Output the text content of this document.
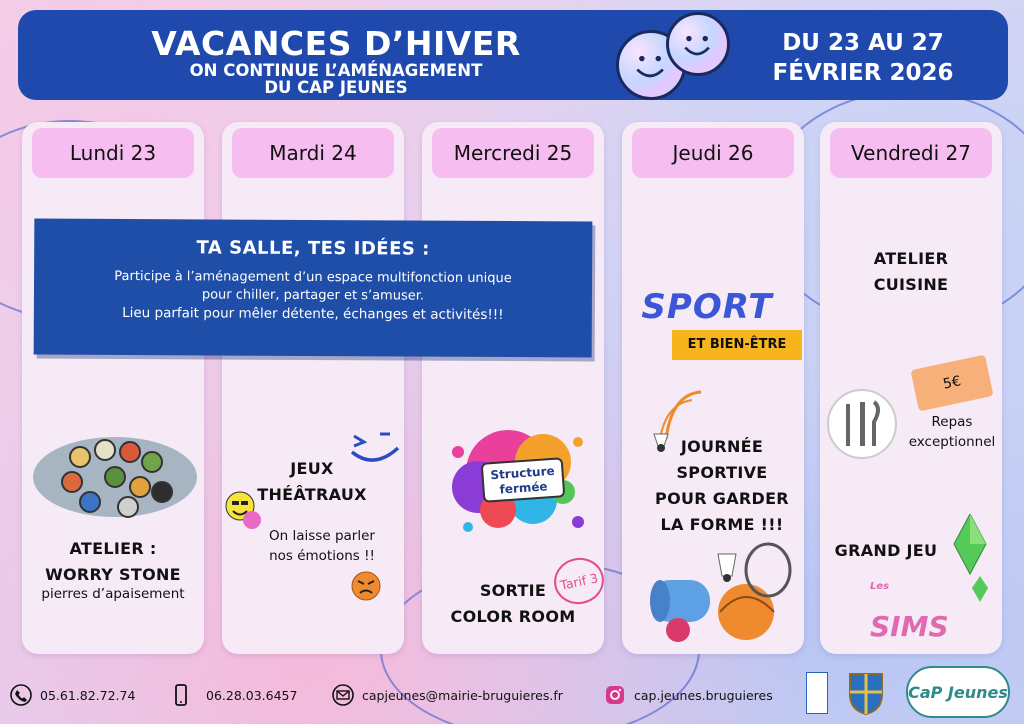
VACANCES D’HIVER
ON CONTINUE L’AMÉNAGEMENT
DU CAP JEUNES
DU 23 AU 27
FÉVRIER 2026
Lundi 23
ATELIER :
WORRY STONE
pierres d’apaisement
Mardi 24
JEUX
THÉÂTRAUX
On laisse parler
nos émotions !!
Mercredi 25
Structure fermée
Tarif 3
SORTIE
COLOR ROOM
Jeudi 26
SPORT
ET BIEN-ÊTRE
JOURNÉE
SPORTIVE
POUR GARDER
LA FORME !!!
Vendredi 27
ATELIER
CUISINE
5€
Repas
exceptionnel
GRAND JEU
Les SIMS
TA SALLE, TES IDÉES :
Participe à l’aménagement d’un espace multifonction unique
pour chiller, partager et s’amuser.
Lieu parfait pour mêler détente, échanges et activités!!!
05.61.82.72.74	06.28.03.6457	capjeunes@mairie-bruguieres.fr	cap.jeunes.bruguieres	CaP Jeunes
